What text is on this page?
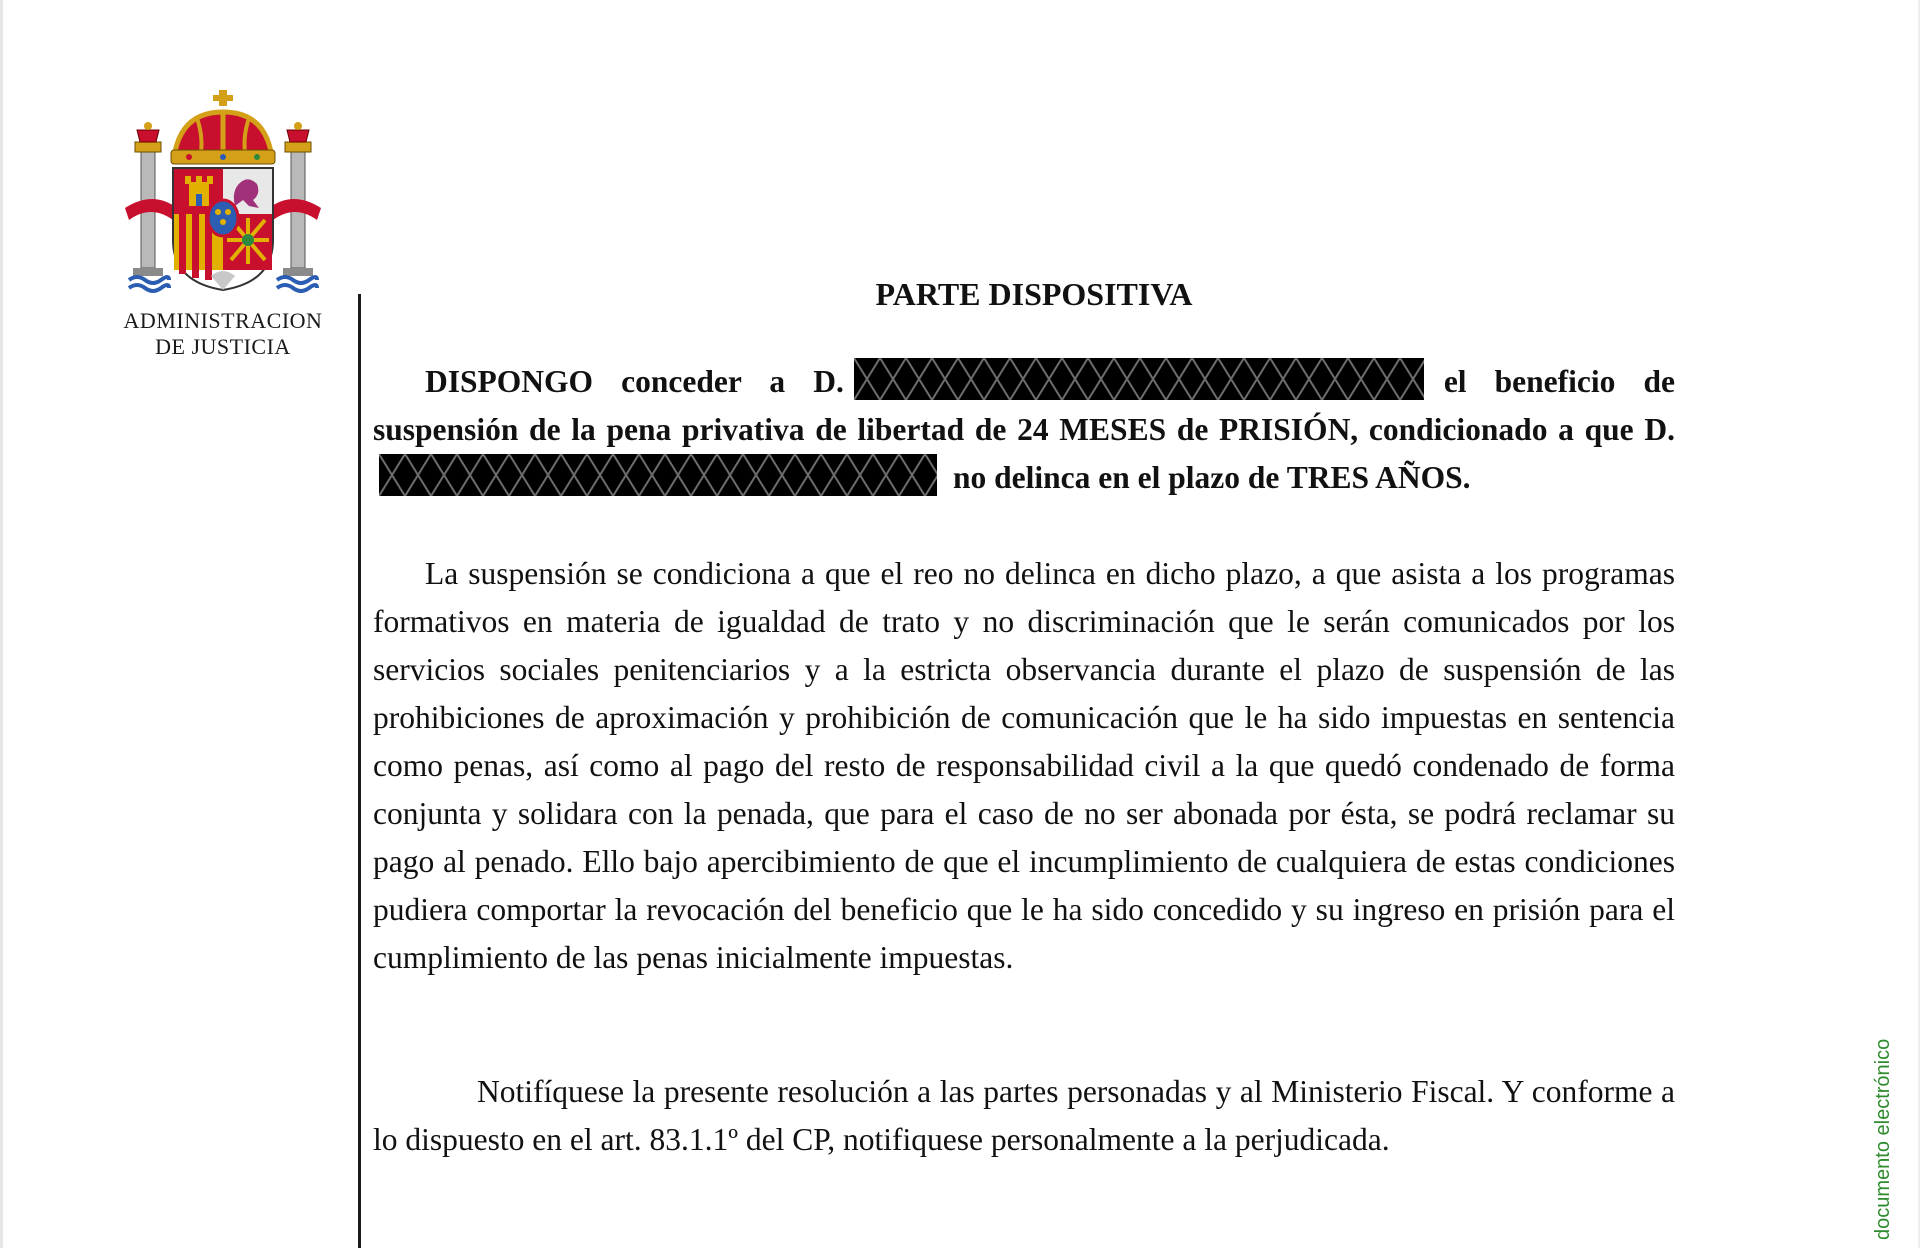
ADMINISTRACION
DE JUSTICIA
PARTE DISPOSITIVA

DISPONGO conceder a D.	el beneficio de suspensión de la pena privativa de libertad de 24 MESES de PRISIÓN, condicionado a que D.
no delinca en el plazo de TRES AÑOS.

La suspensión se condiciona a que el reo no delinca en dicho plazo, a que asista a los programas formativos en materia de igualdad de trato y no discriminación que le serán comunicados por los servicios sociales penitenciarios y a la estricta observancia durante el plazo de suspensión de las prohibiciones de aproximación y prohibición de comunicación que le ha sido impuestas en sentencia como penas, así como al pago del resto de responsabilidad civil a la que quedó condenado de forma conjunta y solidara con la penada, que para el caso de no ser abonada por ésta, se podrá reclamar su pago al penado. Ello bajo apercibimiento de que el incumplimiento de cualquiera de estas condiciones pudiera comportar la revocación del beneficio que le ha sido concedido y su ingreso en prisión para el cumplimiento de las penas inicialmente impuestas.

Notifíquese la presente resolución a las partes personadas y al Ministerio Fiscal. Y conforme a lo dispuesto en el art. 83.1.1º del CP, notifiquese personalmente a la perjudicada.	documento electrónico
